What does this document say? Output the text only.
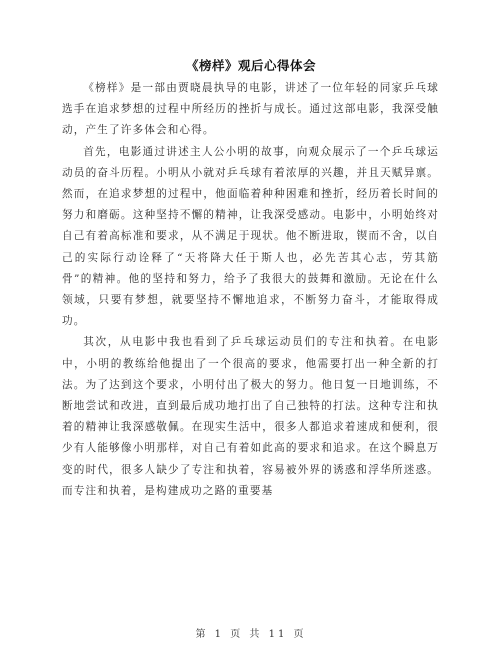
《榜样》观后心得体会

《榜样》是一部由贾晓晨执导的电影，讲述了一位年轻的同家乒乓球选手在追求梦想的过程中所经历的挫折与成长。通过这部电影，我深受触动，产生了许多体会和心得。

首先，电影通过讲述主人公小明的故事，向观众展示了一个乒乓球运动员的奋斗历程。小明从小就对乒乓球有着浓厚的兴趣，并且天赋异禀。然而，在追求梦想的过程中，他面临着种种困难和挫折，经历着长时间的努力和磨砺。这种坚持不懈的精神，让我深受感动。电影中，小明始终对自己有着高标准和要求，从不满足于现状。他不断进取，锲而不舍，以自己的实际行动诠释了“天将降大任于斯人也，必先苦其心志，劳其筋骨”的精神。他的坚持和努力，给予了我很大的鼓舞和激励。无论在什么领域，只要有梦想，就要坚持不懈地追求，不断努力奋斗，才能取得成功。

其次，从电影中我也看到了乒乓球运动员们的专注和执着。在电影中，小明的教练给他提出了一个很高的要求，他需要打出一种全新的打法。为了达到这个要求，小明付出了极大的努力。他日复一日地训练，不断地尝试和改进，直到最后成功地打出了自己独特的打法。这种专注和执着的精神让我深感敬佩。在现实生活中，很多人都追求着速成和便利，很少有人能够像小明那样，对自己有着如此高的要求和追求。在这个瞬息万变的时代，很多人缺少了专注和执着，容易被外界的诱惑和浮华所迷惑。而专注和执着，是构建成功之路的重要基

第 1 页 共 11 页
